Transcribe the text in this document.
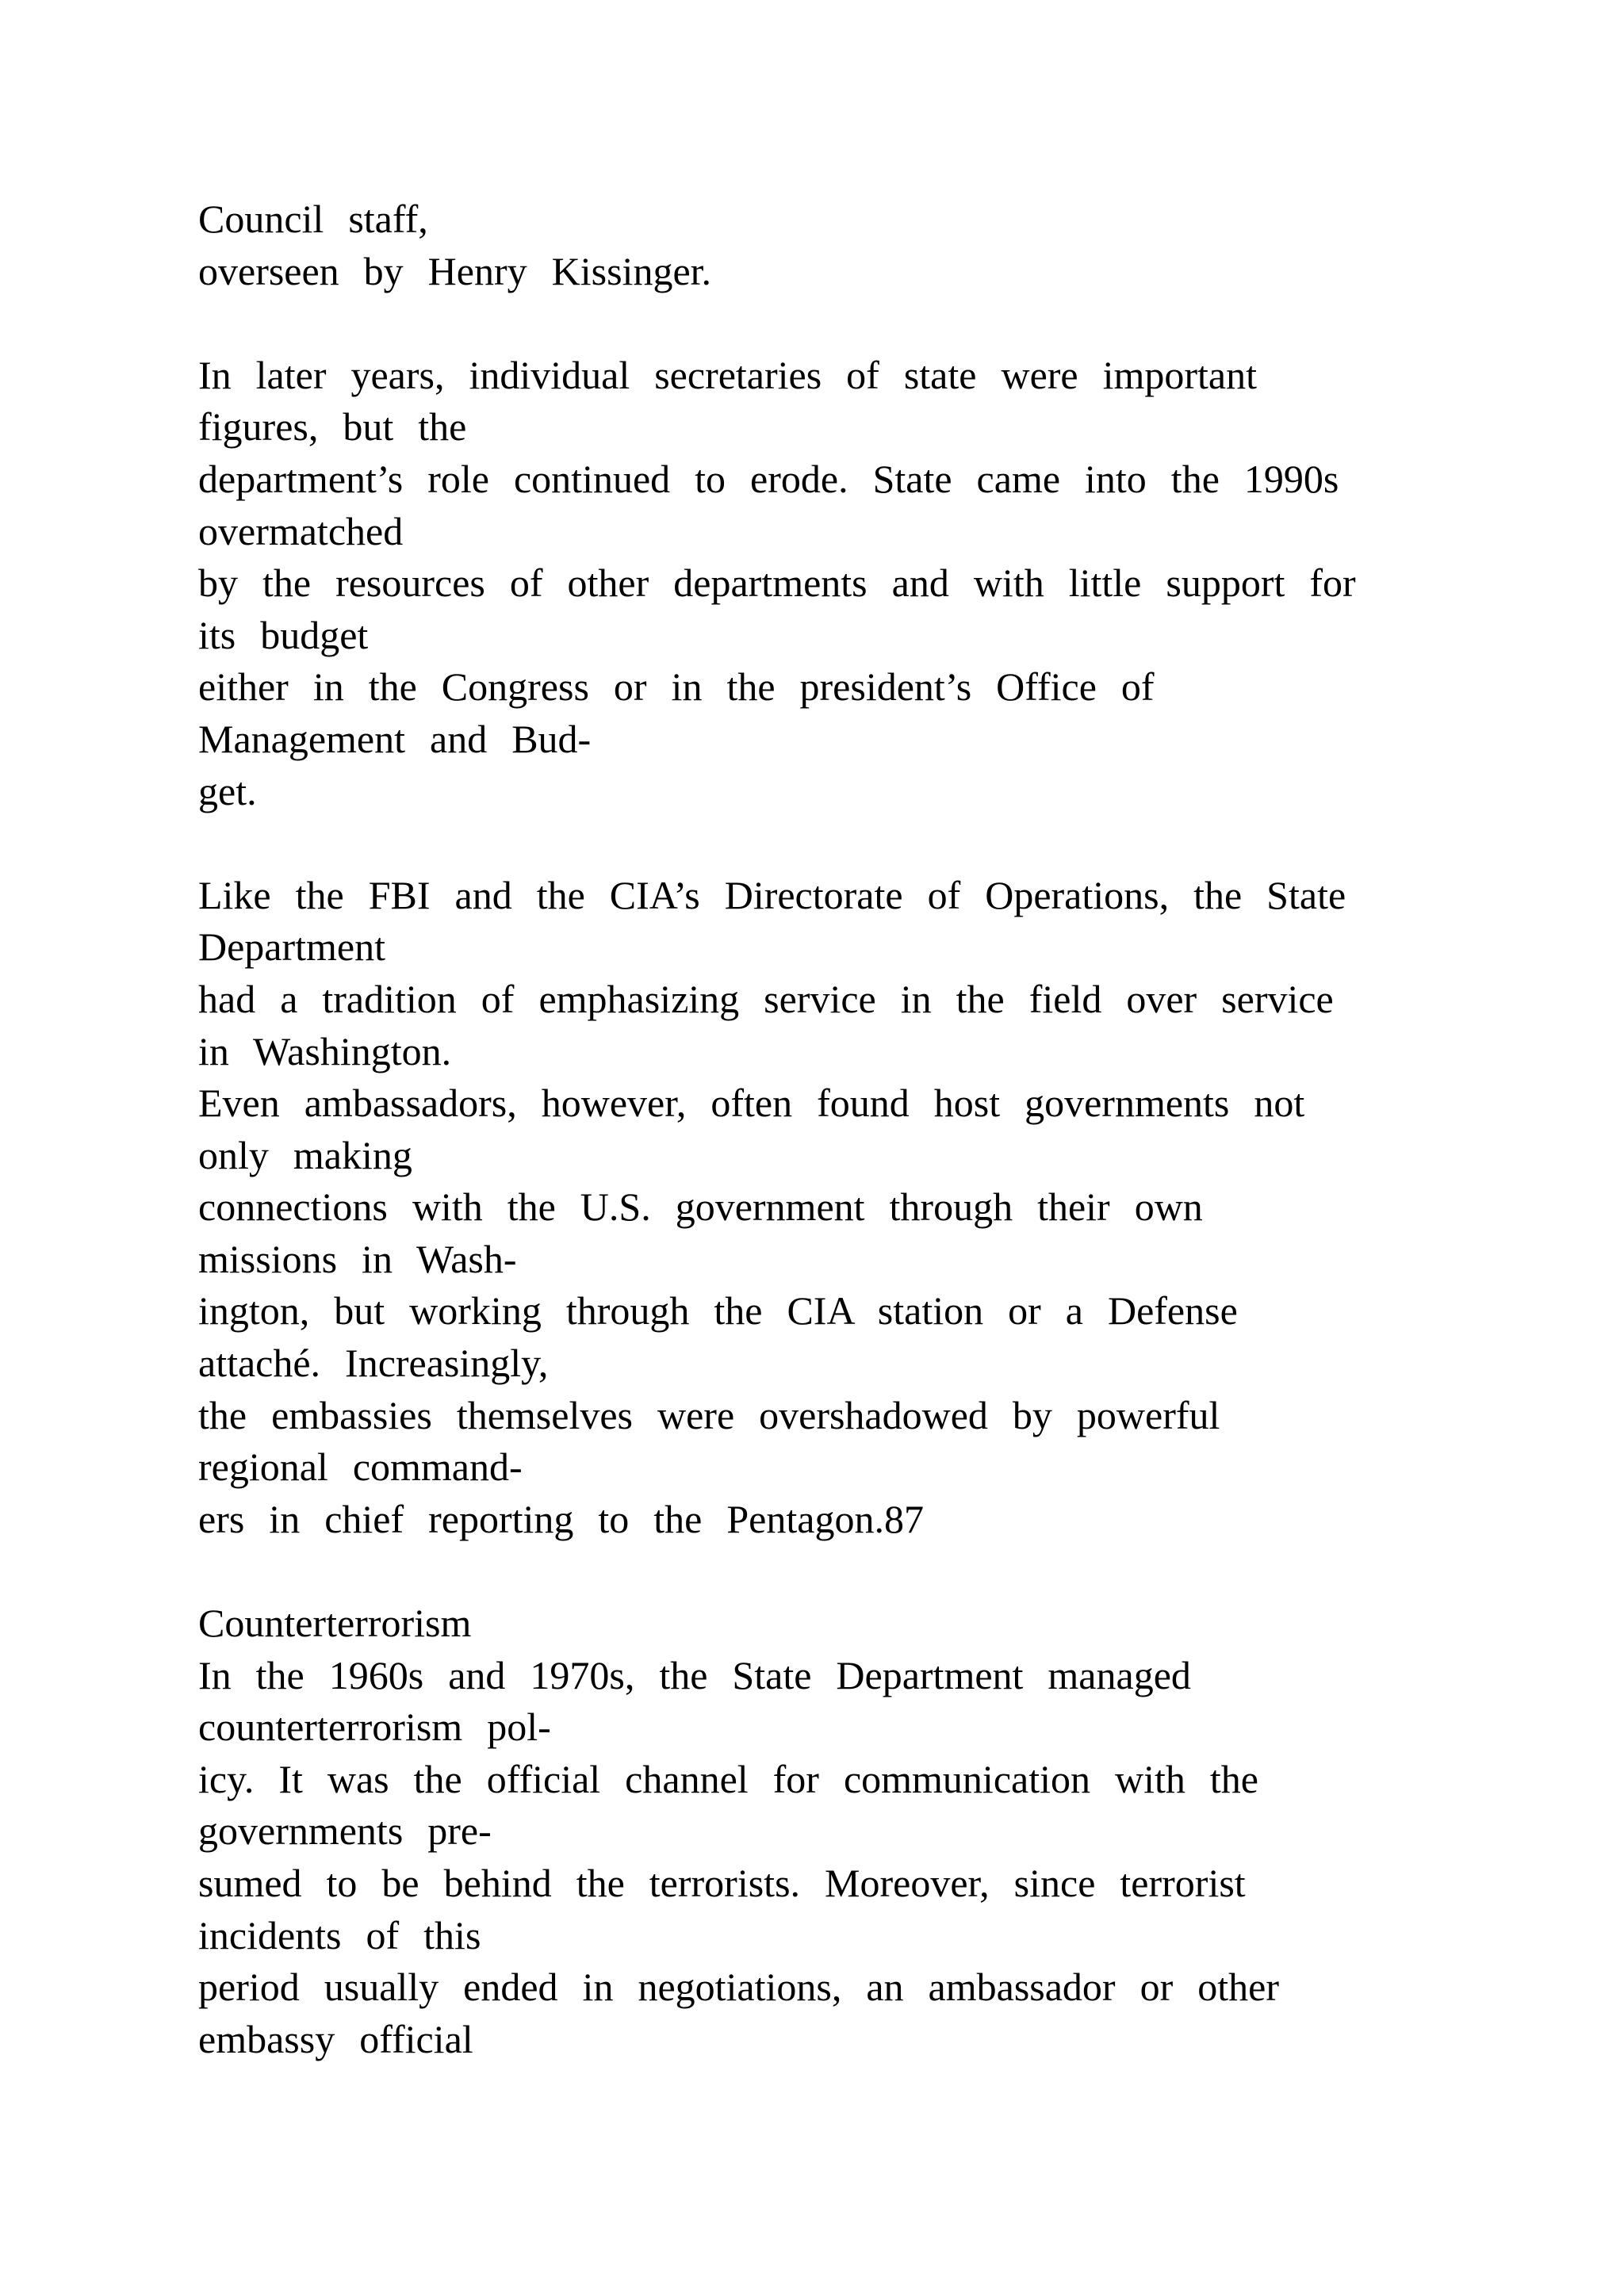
Council  staff,
overseen  by  Henry  Kissinger.
In  later  years,  individual  secretaries  of  state  were  important
figures,  but  the
department’s  role  continued  to  erode.  State  came  into  the  1990s
overmatched
by  the  resources  of  other  departments  and  with  little  support  for
its  budget
either  in  the  Congress  or  in  the  president’s  Office  of
Management  and  Bud-
get.
Like  the  FBI  and  the  CIA’s  Directorate  of  Operations,  the  State
Department
had  a  tradition  of  emphasizing  service  in  the  field  over  service
in  Washington.
Even  ambassadors,  however,  often  found  host  governments  not
only  making
connections  with  the  U.S.  government  through  their  own
missions  in  Wash-
ington,  but  working  through  the  CIA  station  or  a  Defense
attaché.  Increasingly,
the  embassies  themselves  were  overshadowed  by  powerful
regional  command-
ers  in  chief  reporting  to  the  Pentagon.87
Counterterrorism
In  the  1960s  and  1970s,  the  State  Department  managed
counterterrorism  pol-
icy.  It  was  the  official  channel  for  communication  with  the
governments  pre-
sumed  to  be  behind  the  terrorists.  Moreover,  since  terrorist
incidents  of  this
period  usually  ended  in  negotiations,  an  ambassador  or  other
embassy  official
